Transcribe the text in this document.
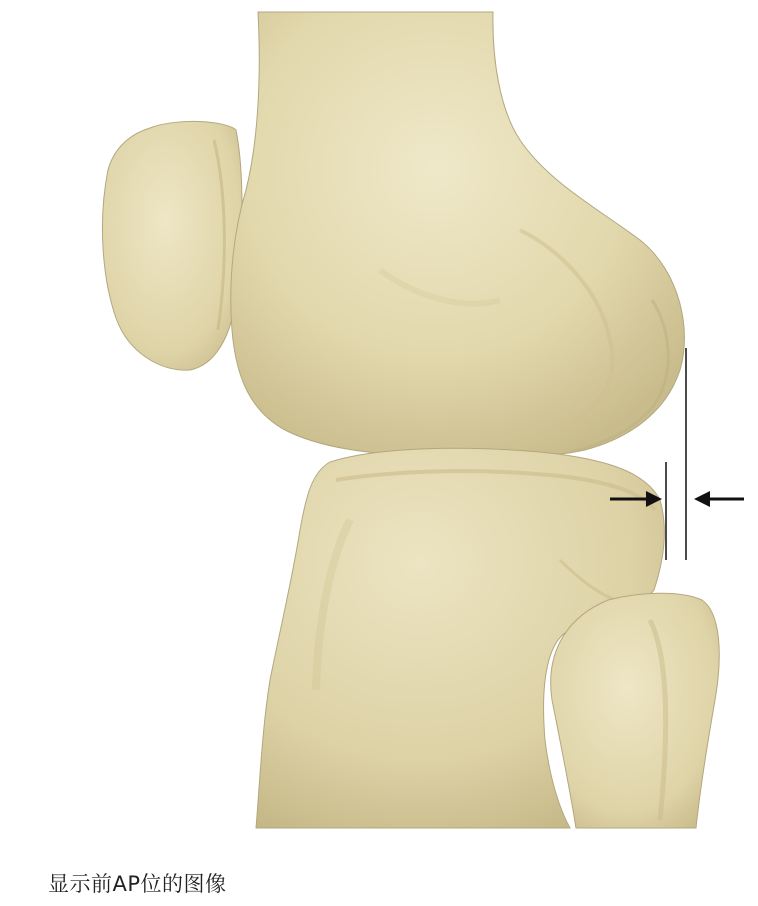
显示前AP位的图像
